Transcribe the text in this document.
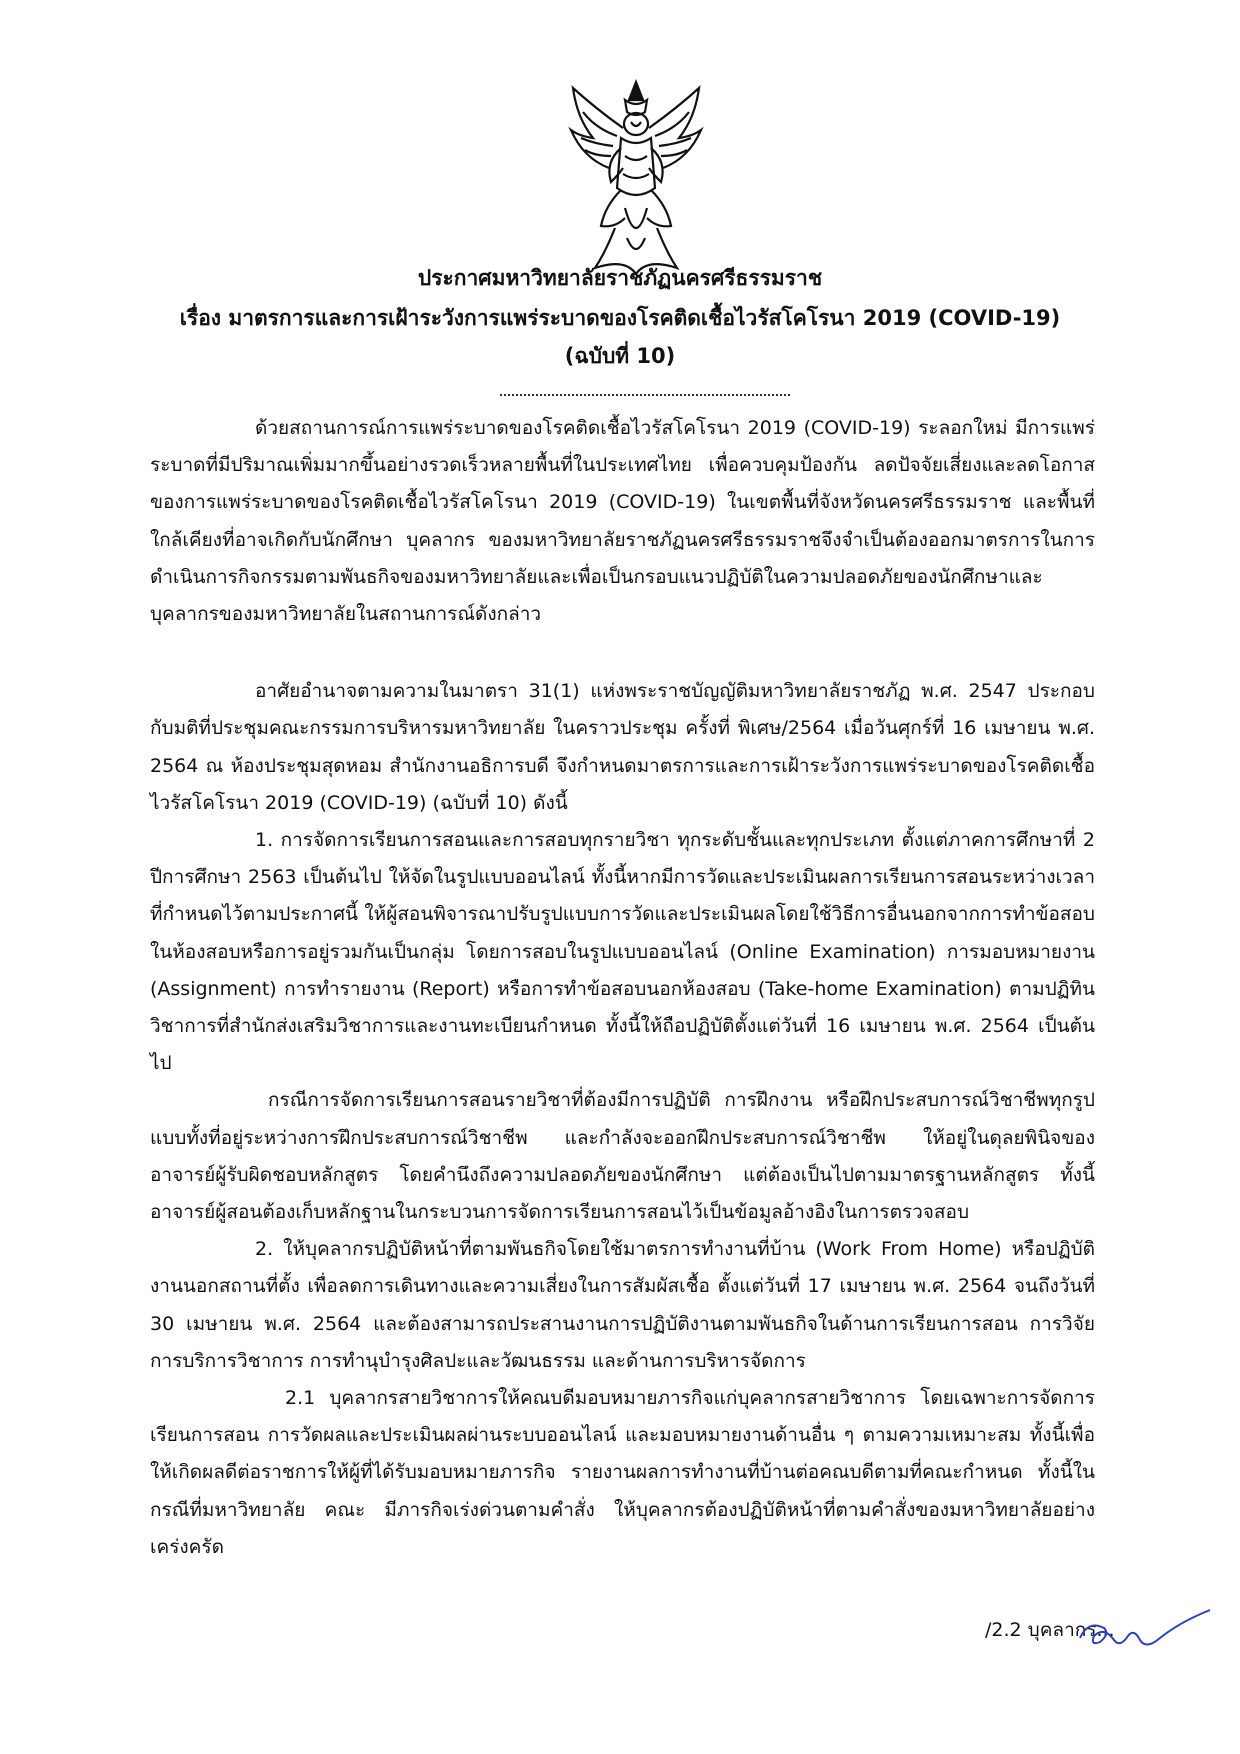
ประกาศมหาวิทยาลัยราชภัฏนครศรีธรรมราช
เรื่อง มาตรการและการเฝ้าระวังการแพร่ระบาดของโรคติดเชื้อไวรัสโคโรนา 2019 (COVID-19)
(ฉบับที่ 10)

ด้วยสถานการณ์การแพร่ระบาดของโรคติดเชื้อไวรัสโคโรนา 2019 (COVID-19) ระลอกใหม่ มีการแพร่ระบาดที่มีปริมาณเพิ่มมากขึ้นอย่างรวดเร็วหลายพื้นที่ในประเทศไทย เพื่อควบคุมป้องกัน ลดปัจจัยเสี่ยงและลดโอกาสของการแพร่ระบาดของโรคติดเชื้อไวรัสโคโรนา 2019 (COVID-19) ในเขตพื้นที่จังหวัดนครศรีธรรมราช และพื้นที่ใกล้เคียงที่อาจเกิดกับนักศึกษา บุคลากร ของมหาวิทยาลัยราชภัฏนครศรีธรรมราชจึงจำเป็นต้องออกมาตรการในการดำเนินการกิจกรรมตามพันธกิจของมหาวิทยาลัยและเพื่อเป็นกรอบแนวปฏิบัติในความปลอดภัยของนักศึกษาและบุคลากรของมหาวิทยาลัยในสถานการณ์ดังกล่าว

อาศัยอำนาจตามความในมาตรา 31(1) แห่งพระราชบัญญัติมหาวิทยาลัยราชภัฏ พ.ศ. 2547 ประกอบกับมติที่ประชุมคณะกรรมการบริหารมหาวิทยาลัย ในคราวประชุม ครั้งที่ พิเศษ/2564 เมื่อวันศุกร์ที่ 16 เมษายน พ.ศ. 2564 ณ ห้องประชุมสุดหอม สำนักงานอธิการบดี จึงกำหนดมาตรการและการเฝ้าระวังการแพร่ระบาดของโรคติดเชื้อไวรัสโคโรนา 2019 (COVID-19) (ฉบับที่ 10) ดังนี้

1. การจัดการเรียนการสอนและการสอบทุกรายวิชา ทุกระดับชั้นและทุกประเภท ตั้งแต่ภาคการศึกษาที่ 2 ปีการศึกษา 2563 เป็นต้นไป ให้จัดในรูปแบบออนไลน์ ทั้งนี้หากมีการวัดและประเมินผลการเรียนการสอนระหว่างเวลาที่กำหนดไว้ตามประกาศนี้ ให้ผู้สอนพิจารณาปรับรูปแบบการวัดและประเมินผลโดยใช้วิธีการอื่นนอกจากการทำข้อสอบในห้องสอบหรือการอยู่รวมกันเป็นกลุ่ม โดยการสอบในรูปแบบออนไลน์ (Online Examination) การมอบหมายงาน (Assignment) การทำรายงาน (Report) หรือการทำข้อสอบนอกห้องสอบ (Take-home Examination) ตามปฏิทินวิชาการที่สำนักส่งเสริมวิชาการและงานทะเบียนกำหนด ทั้งนี้ให้ถือปฏิบัติตั้งแต่วันที่ 16 เมษายน พ.ศ. 2564 เป็นต้นไป

กรณีการจัดการเรียนการสอนรายวิชาที่ต้องมีการปฏิบัติ การฝึกงาน หรือฝึกประสบการณ์วิชาชีพทุกรูปแบบทั้งที่อยู่ระหว่างการฝึกประสบการณ์วิชาชีพ และกำลังจะออกฝึกประสบการณ์วิชาชีพ ให้อยู่ในดุลยพินิจของอาจารย์ผู้รับผิดชอบหลักสูตร โดยคำนึงถึงความปลอดภัยของนักศึกษา แต่ต้องเป็นไปตามมาตรฐานหลักสูตร ทั้งนี้อาจารย์ผู้สอนต้องเก็บหลักฐานในกระบวนการจัดการเรียนการสอนไว้เป็นข้อมูลอ้างอิงในการตรวจสอบ

2. ให้บุคลากรปฏิบัติหน้าที่ตามพันธกิจโดยใช้มาตรการทำงานที่บ้าน (Work From Home) หรือปฏิบัติงานนอกสถานที่ตั้ง เพื่อลดการเดินทางและความเสี่ยงในการสัมผัสเชื้อ ตั้งแต่วันที่ 17 เมษายน พ.ศ. 2564 จนถึงวันที่ 30 เมษายน พ.ศ. 2564 และต้องสามารถประสานงานการปฏิบัติงานตามพันธกิจในด้านการเรียนการสอน การวิจัย การบริการวิชาการ การทำนุบำรุงศิลปะและวัฒนธรรม และด้านการบริหารจัดการ

2.1 บุคลากรสายวิชาการให้คณบดีมอบหมายภารกิจแก่บุคลากรสายวิชาการ โดยเฉพาะการจัดการเรียนการสอน การวัดผลและประเมินผลผ่านระบบออนไลน์ และมอบหมายงานด้านอื่น ๆ ตามความเหมาะสม ทั้งนี้เพื่อให้เกิดผลดีต่อราชการให้ผู้ที่ได้รับมอบหมายภารกิจ รายงานผลการทำงานที่บ้านต่อคณบดีตามที่คณะกำหนด ทั้งนี้ในกรณีที่มหาวิทยาลัย คณะ มีภารกิจเร่งด่วนตามคำสั่ง ให้บุคลากรต้องปฏิบัติหน้าที่ตามคำสั่งของมหาวิทยาลัยอย่างเคร่งครัด

/2.2 บุคลากร...
